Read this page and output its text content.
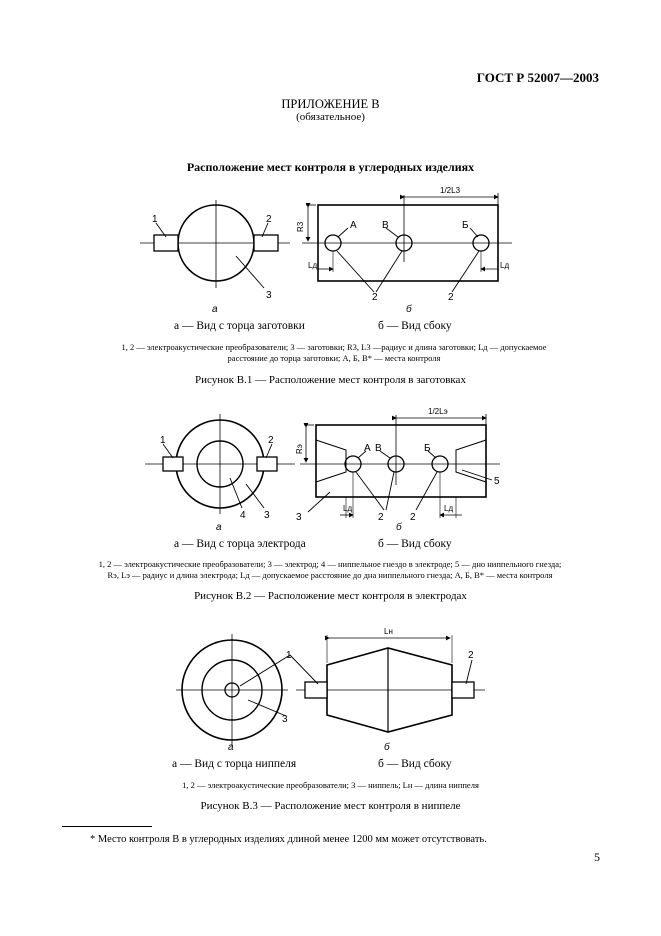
ГОСТ Р 52007—2003
ПРИЛОЖЕНИЕ В
(обязательное)
Расположение мест контроля в углеродных изделиях
а — Вид с торца заготовки	б — Вид сбоку
1, 2 — электроакустические преобразователи; 3 — заготовки; R3, L3 —радиус и длина заготовки; Lд — допускаемое расстояние до торца заготовки; А, Б, В* — места контроля
Рисунок В.1 — Расположение мест контроля в заготовках
а — Вид с торца электрода	б — Вид сбоку
1, 2 — электроакустические преобразователи; 3 — электрод; 4 — ниппельное гнездо в электроде; 5 — дно ниппельного гнезда;
Rэ, Lэ — радиус и длина электрода; Lд — допускаемое расстояние до дна ниппельного гнезда; А, Б, В* — места контроля
Рисунок В.2 — Расположение мест контроля в электродах
а — Вид с торца ниппеля	б — Вид сбоку
1, 2 — электроакустические преобразователи; 3 — ниппель; Lн — длина ниппеля
Рисунок В.3 — Расположение мест контроля в ниппеле
* Место контроля В в углеродных изделиях длиной менее 1200 мм может отсутствовать.
5
1	2
3
а	б
А	В	Б
2	2
R3
1/2L3
Lд	Lд
1	2
4 3
а	б
А В	Б
2	2
3
5
Rэ
1/2Lэ
Lд	Lд
1
3
2
а	б
Lн
